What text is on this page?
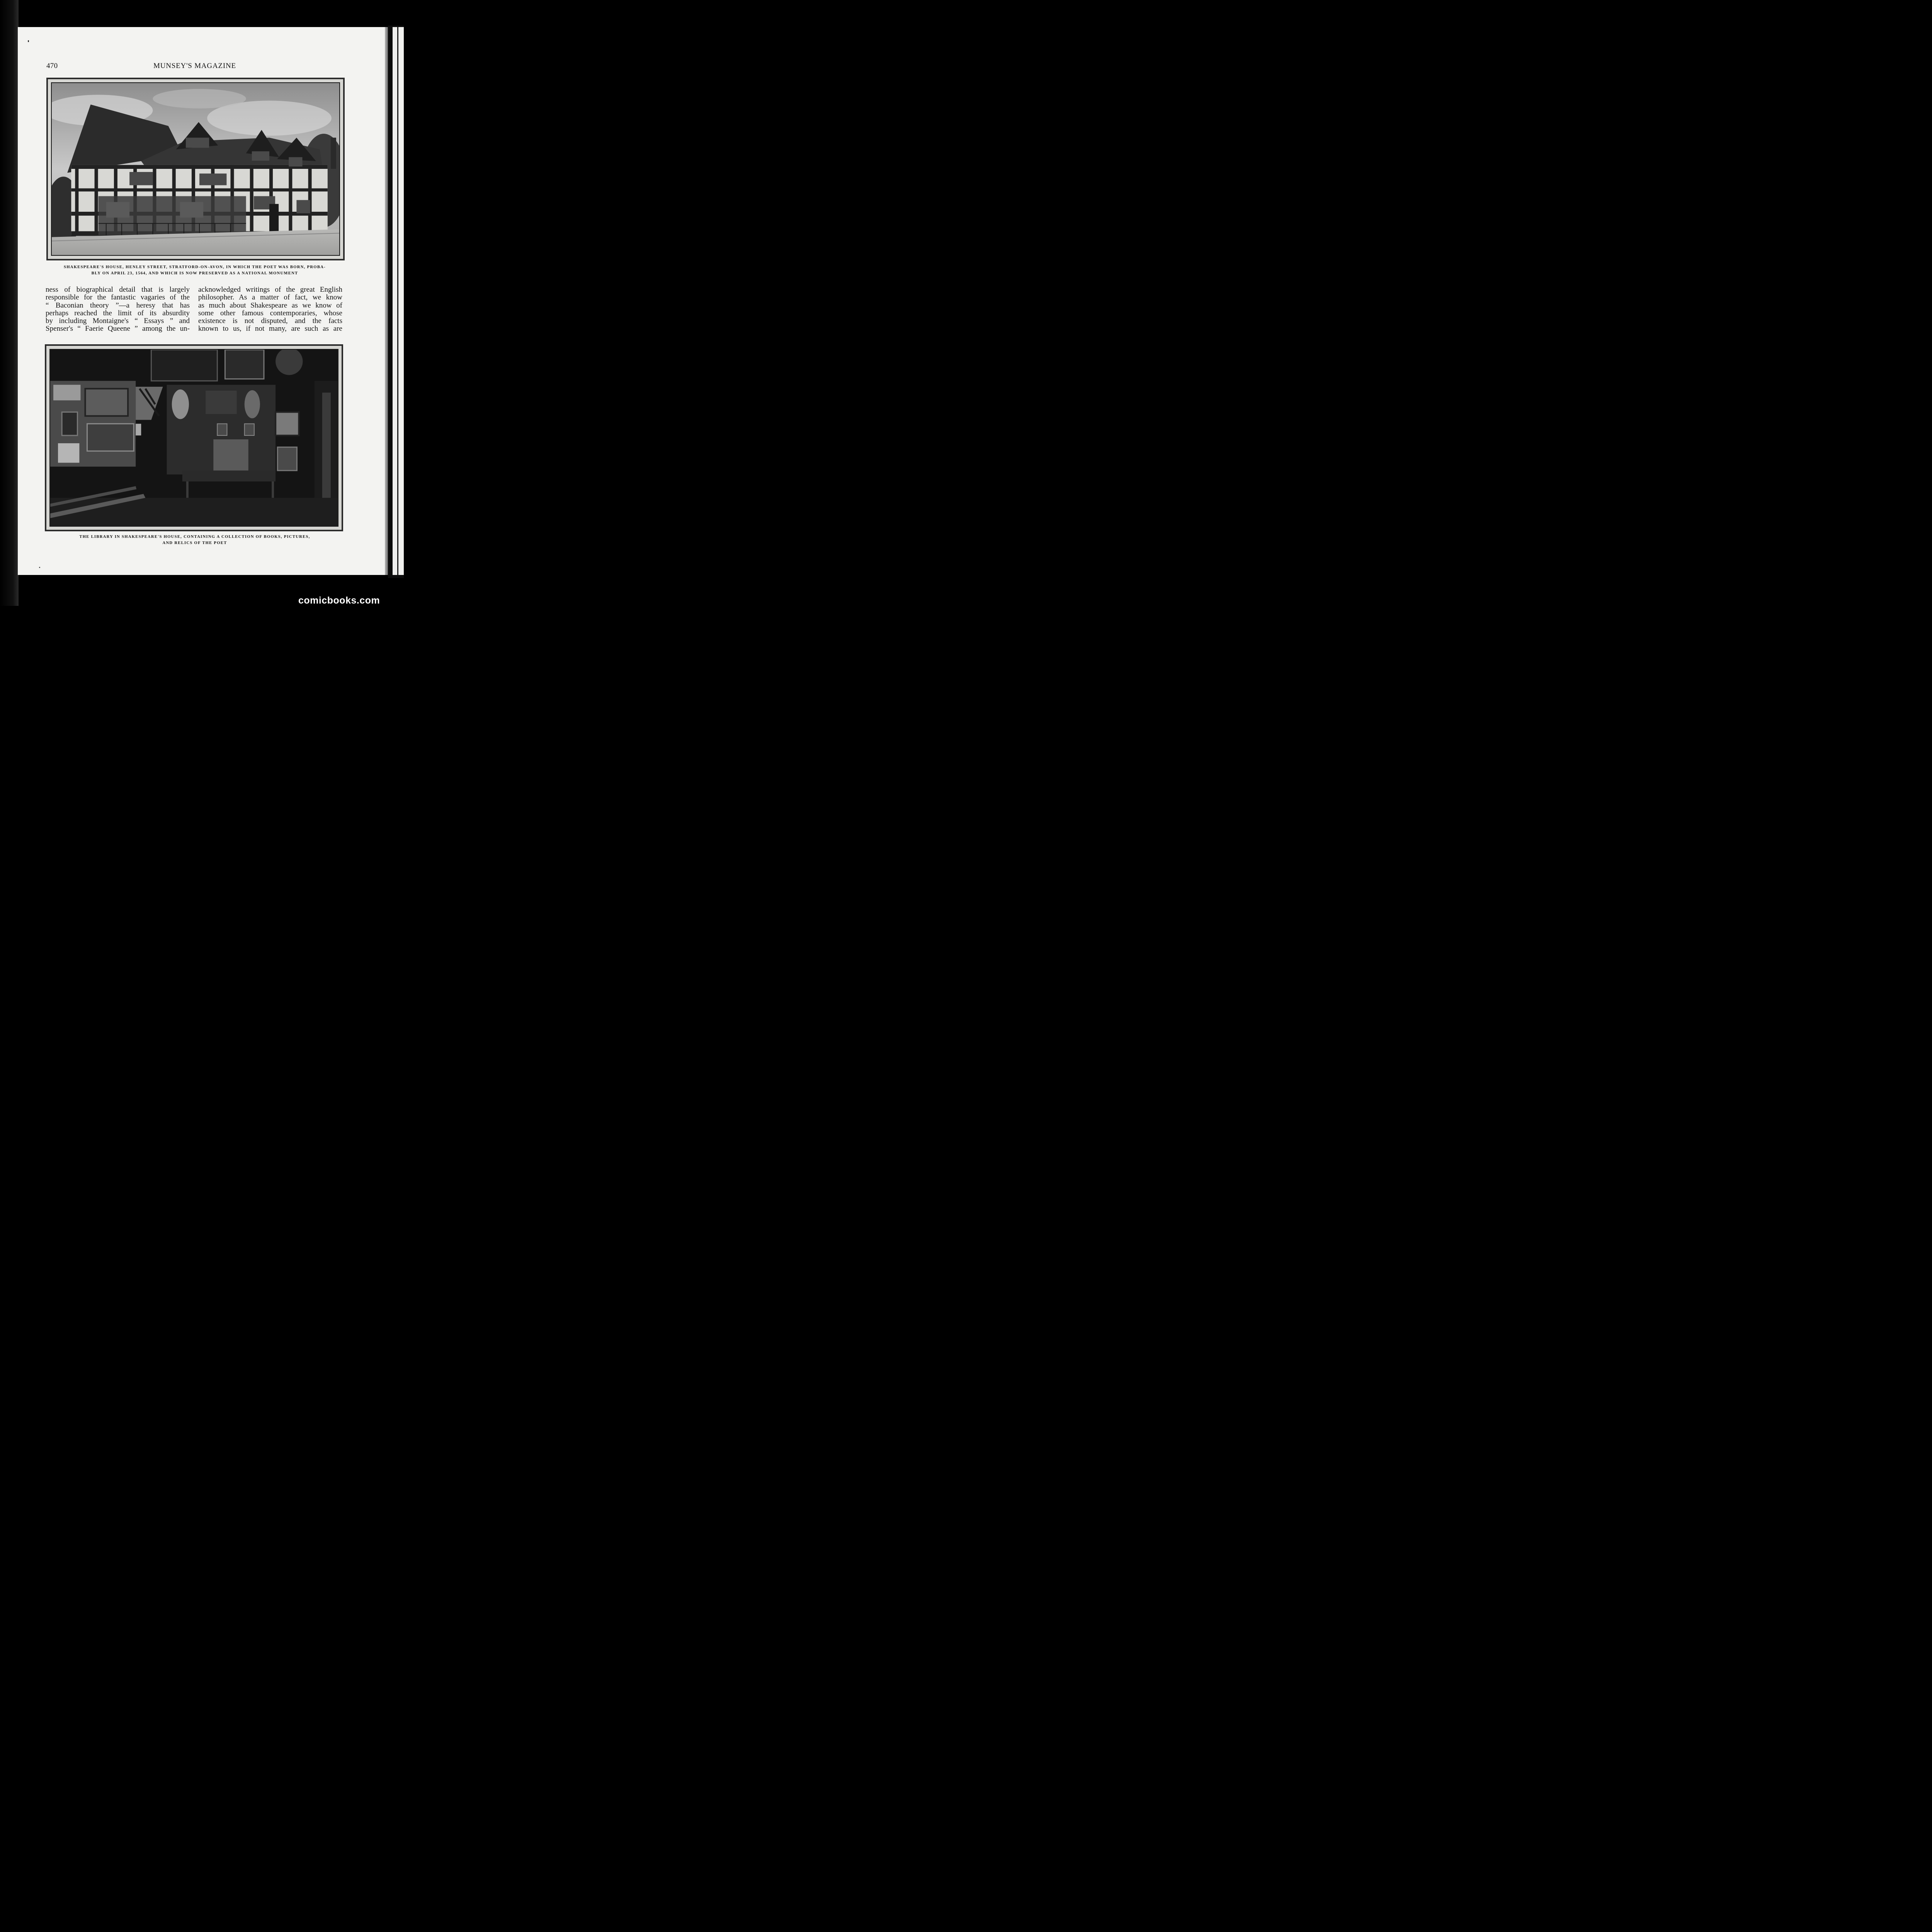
470	MUNSEY'S MAGAZINE
SHAKESPEARE'S HOUSE, HENLEY STREET, STRATFORD-ON-AVON, IN WHICH THE POET WAS BORN, PROBA-
BLY ON APRIL 23, 1564, AND WHICH IS NOW PRESERVED AS A NATIONAL MONUMENT
ness of biographical detail that is largely
responsible for the fantastic vagaries of the
“ Baconian theory ”—a heresy that has
perhaps reached the limit of its absurdity
by including Montaigne's “ Essays ” and
Spenser's “ Faerie Queene ” among the un-
acknowledged writings of the great English
philosopher. As a matter of fact, we know
as much about Shakespeare as we know of
some other famous contemporaries, whose
existence is not disputed, and the facts
known to us, if not many, are such as are
THE LIBRARY IN SHAKESPEARE'S HOUSE, CONTAINING A COLLECTION OF BOOKS, PICTURES,
AND RELICS OF THE POET
comicbooks.com
